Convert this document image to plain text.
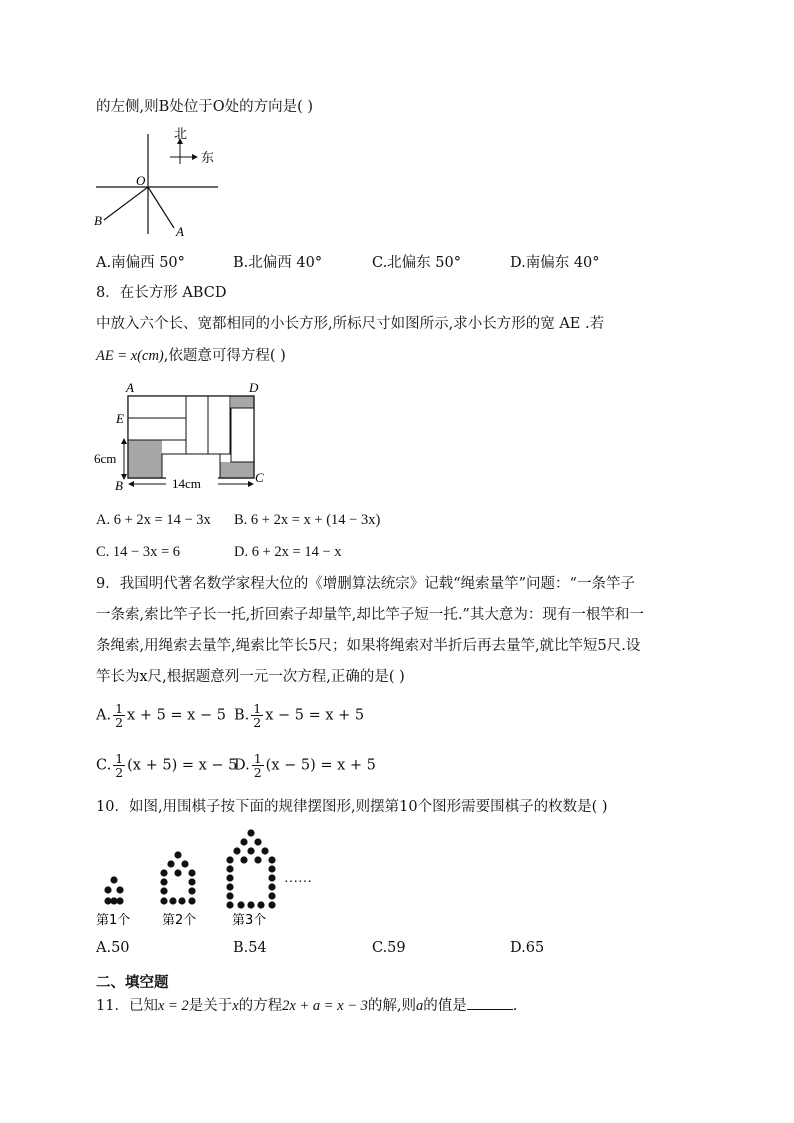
的左侧,则B处位于O处的方向是( )
北
东
O
B
A
A.南偏西 50°	B.北偏西 40°	C.北偏东 50°	D.南偏东 40°
8．在长方形 ABCD
中放入六个长、宽都相同的小长方形,所标尺寸如图所示,求小长方形的宽 AE .若
AE = x(cm),依题意可得方程( )
A	D
E
B
C
6cm
14cm
A. 6 + 2x = 14 − 3x B. 6 + 2x = x + (14 − 3x)
C. 14 − 3x = 6	D. 6 + 2x = 14 − x
9．我国明代著名数学家程大位的《增删算法统宗》记载“绳索量竿”问题：“一条竿子
一条索,索比竿子长一托,折回索子却量竿,却比竿子短一托.”其大意为：现有一根竿和一
条绳索,用绳索去量竿,绳索比竿长5尺；如果将绳索对半折后再去量竿,就比竿短5尺.设
竿长为x尺,根据题意列一元一次方程,正确的是( )
A. $\frac{1}{2}$ x + 5 = x − 5 B. $\frac{1}{2}$ x − 5 = x + 5
C. $\frac{1}{2} (x + 5) = x - 5$
D. $\frac{1}{2} (x - 5) = x + 5$
10．如图,用围棋子按下面的规律摆图形,则摆第10个图形需要围棋子的枚数是( )
……
第1个 第2个	第3个
A.50	B.54	C.59	D.65
二、填空题
11．已知x = 2是关于x的方程2x + a = x − 3的解,则a的值是	.
